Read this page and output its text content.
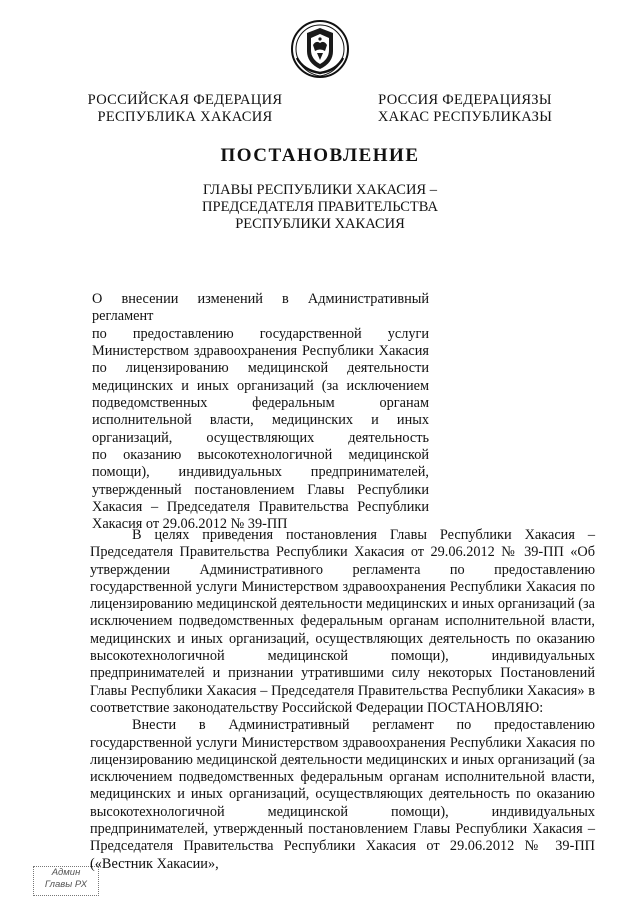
РОССИЙСКАЯ ФЕДЕРАЦИЯ
РЕСПУБЛИКА ХАКАСИЯ
РОССИЯ ФЕДЕРАЦИЯЗЫ
ХАКАС РЕСПУБЛИКАЗЫ
ПОСТАНОВЛЕНИЕ
ГЛАВЫ РЕСПУБЛИКИ ХАКАСИЯ –
ПРЕДСЕДАТЕЛЯ ПРАВИТЕЛЬСТВА
РЕСПУБЛИКИ ХАКАСИЯ
О внесении изменений в Административный регламент
по предоставлению государственной услуги
Министерством здравоохранения Республики Хакасия
по лицензированию медицинской деятельности
медицинских и иных организаций (за исключением
подведомственных федеральным органам
исполнительной власти, медицинских и иных
организаций, осуществляющих деятельность
по оказанию высокотехнологичной медицинской
помощи), индивидуальных предпринимателей,
утвержденный постановлением Главы Республики
Хакасия – Председателя Правительства Республики
Хакасия от 29.06.2012 № 39-ПП

В целях приведения постановления Главы Республики Хакасия – Председателя Правительства Республики Хакасия от 29.06.2012 № 39-ПП «Об утверждении Административного регламента по предоставлению государственной услуги Министерством здравоохранения Республики Хакасия по лицензированию медицинской деятельности медицинских и иных организаций (за исключением подведомственных федеральным органам исполнительной власти, медицинских и иных организаций, осуществляющих деятельность по оказанию высокотехнологичной медицинской помощи), индивидуальных предпринимателей и признании утратившими силу некоторых Постановлений Главы Республики Хакасия – Председателя Правительства Республики Хакасия» в соответствие законодательству Российской Федерации ПОСТАНОВЛЯЮ:

Внести в Административный регламент по предоставлению государственной услуги Министерством здравоохранения Республики Хакасия по лицензированию медицинской деятельности медицинских и иных организаций (за исключением подведомственных федеральным органам исполнительной власти, медицинских и иных организаций, осуществляющих деятельность по оказанию высокотехнологичной медицинской помощи), индивидуальных предпринимателей, утвержденный постановлением Главы Республики Хакасия – Председателя Правительства Республики Хакасия от 29.06.2012 № 39-ПП («Вестник Хакасии»,

Админ
Главы РХ
